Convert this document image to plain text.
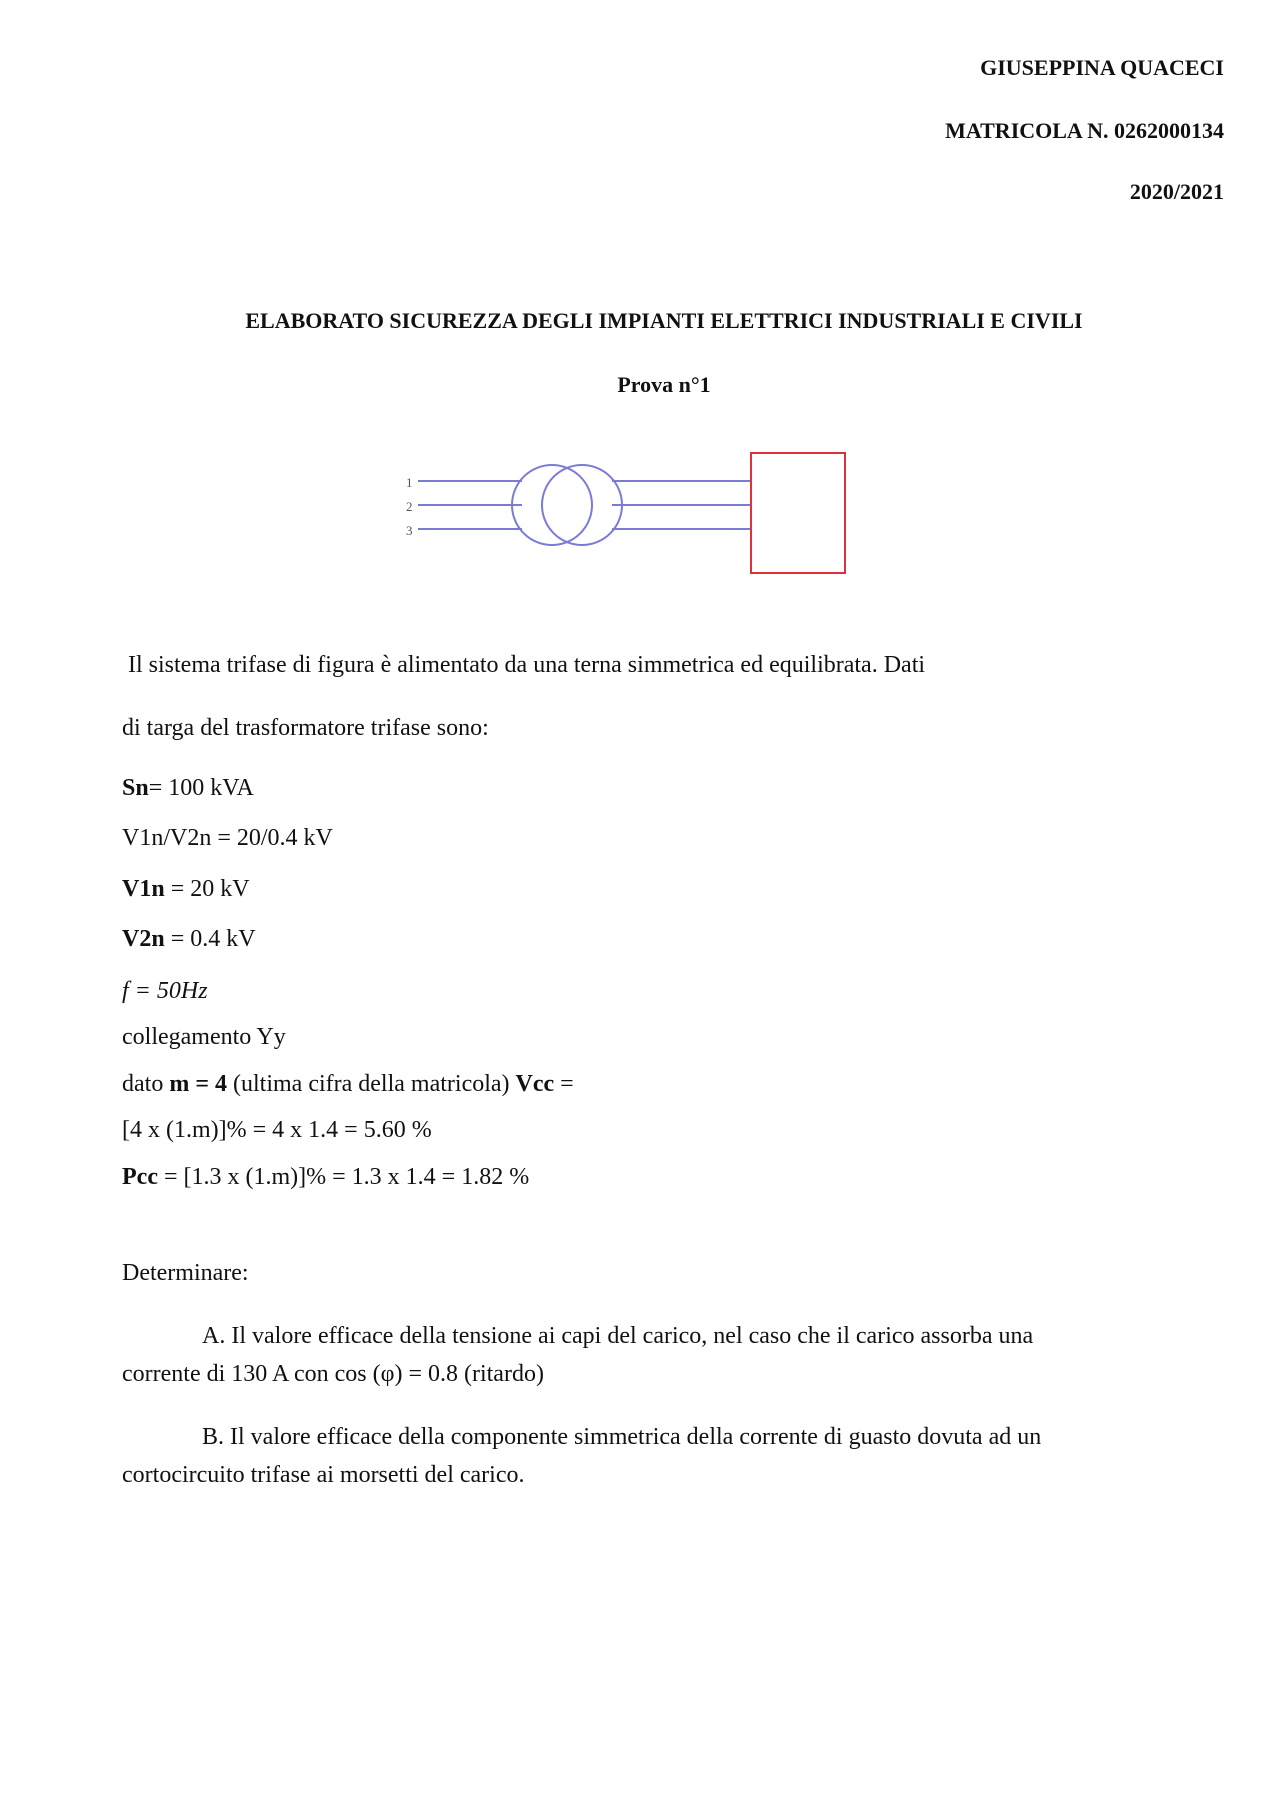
GIUSEPPINA QUACECI
MATRICOLA N. 0262000134
2020/2021
ELABORATO SICUREZZA DEGLI IMPIANTI ELETTRICI INDUSTRIALI E CIVILI
Prova n°1
1
2
3
Il sistema trifase di figura è alimentato da una terna simmetrica ed equilibrata. Dati
di targa del trasformatore trifase sono:
Sn= 100 kVA
V1n/V2n = 20/0.4 kV
V1n = 20 kV
V2n = 0.4 kV
f = 50Hz
collegamento Yy
dato m = 4 (ultima cifra della matricola) Vcc =
[4 x (1.m)]% = 4 x 1.4 = 5.60 %
Pcc = [1.3 x (1.m)]% = 1.3 x 1.4 = 1.82 %
Determinare:
A. Il valore efficace della tensione ai capi del carico, nel caso che il carico assorba una
corrente di 130 A con cos (φ) = 0.8 (ritardo)
B. Il valore efficace della componente simmetrica della corrente di guasto dovuta ad un
cortocircuito trifase ai morsetti del carico.
